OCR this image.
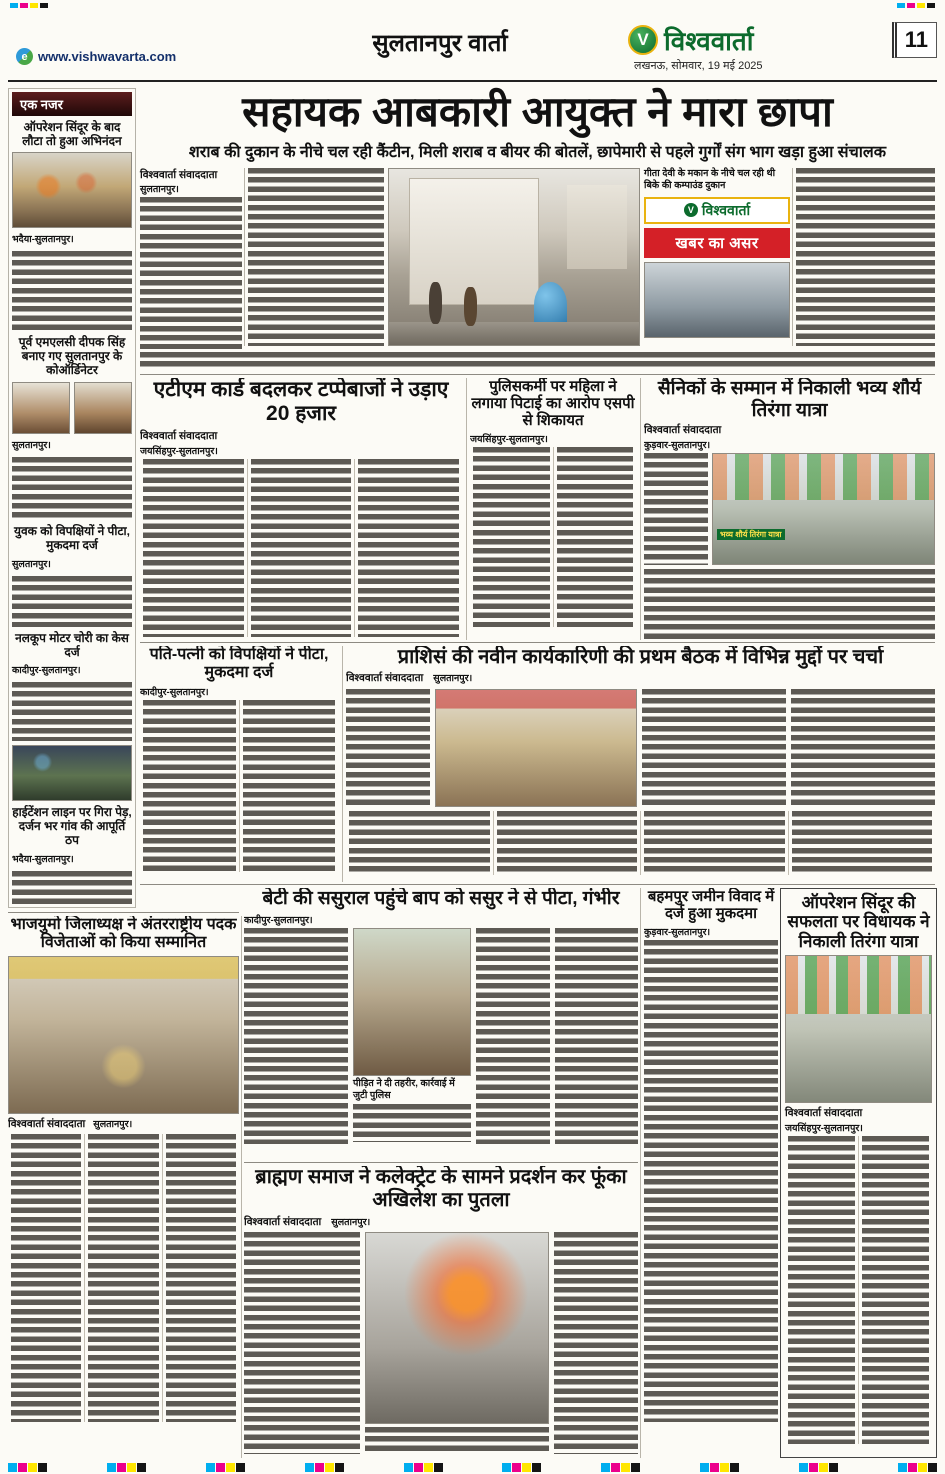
e www.vishwavarta.com	सुलतानपुर वार्ता	V विश्ववार्ता
लखनऊ, सोमवार, 19 मई 2025
11
एक नजर
ऑपरेशन सिंदूर के बाद लौटा तो हुआ अभिनंदन
भदैया-सुलतानपुर।
पूर्व एमएलसी दीपक सिंह बनाए गए सुलतानपुर के कोऑर्डिनेटर
सुलतानपुर।
युवक को विपक्षियों ने पीटा, मुकदमा दर्ज
सुलतानपुर।
नलकूप मोटर चोरी का केस दर्ज
कादीपुर-सुलतानपुर।
हाईटेंशन लाइन पर गिरा पेड़, दर्जन भर गांव की आपूर्ति ठप
भदैया-सुलतानपुर।
सहायक आबकारी आयुक्त ने मारा छापा
शराब की दुकान के नीचे चल रही कैंटीन, मिली शराब व बीयर की बोतलें, छापेमारी से पहले गुर्गों संग भाग खड़ा हुआ संचालक
विश्ववार्ता संवाददाता
सुलतानपुर।
गीता देवी के मकान के नीचे चल रही थी बिके की कम्पाउंड दुकान
V विश्ववार्ता
खबर का असर
एटीएम कार्ड बदलकर टप्पेबाजों ने उड़ाए 20 हजार
विश्ववार्ता संवाददाता
जयसिंहपुर-सुलतानपुर।
पुलिसकर्मी पर महिला ने लगाया पिटाई का आरोप एसपी से शिकायत
जयसिंहपुर-सुलतानपुर।
सैनिकों के सम्मान में निकाली भव्य शौर्य तिरंगा यात्रा
विश्ववार्ता संवाददाता
कुड़वार-सुलतानपुर।
भव्य शौर्य तिरंगा यात्रा
पति-पत्नी को विपक्षियों ने पीटा, मुकदमा दर्ज
कादीपुर-सुलतानपुर।
प्राशिसं की नवीन कार्यकारिणी की प्रथम बैठक में विभिन्न मुद्दों पर चर्चा
विश्ववार्ता संवाददाता सुलतानपुर।
बेटी की ससुराल पहुंचे बाप को ससुर ने से पीटा, गंभीर
कादीपुर-सुलतानपुर।
पीड़ित ने दी तहरीर, कार्रवाई में जुटी पुलिस
बहमपुर जमीन विवाद में दर्ज हुआ मुकदमा
कुड़वार-सुलतानपुर।
ऑपरेशन सिंदूर की सफलता पर विधायक ने निकाली तिरंगा यात्रा
विश्ववार्ता संवाददाता
जयसिंहपुर-सुलतानपुर।
ब्राह्मण समाज ने कलेक्ट्रेट के सामने प्रदर्शन कर फूंका अखिलेश का पुतला
विश्ववार्ता संवाददाता सुलतानपुर।
भाजयुमो जिलाध्यक्ष ने अंतरराष्ट्रीय पदक विजेताओं को किया सम्मानित
विश्ववार्ता संवाददाता सुलतानपुर।
